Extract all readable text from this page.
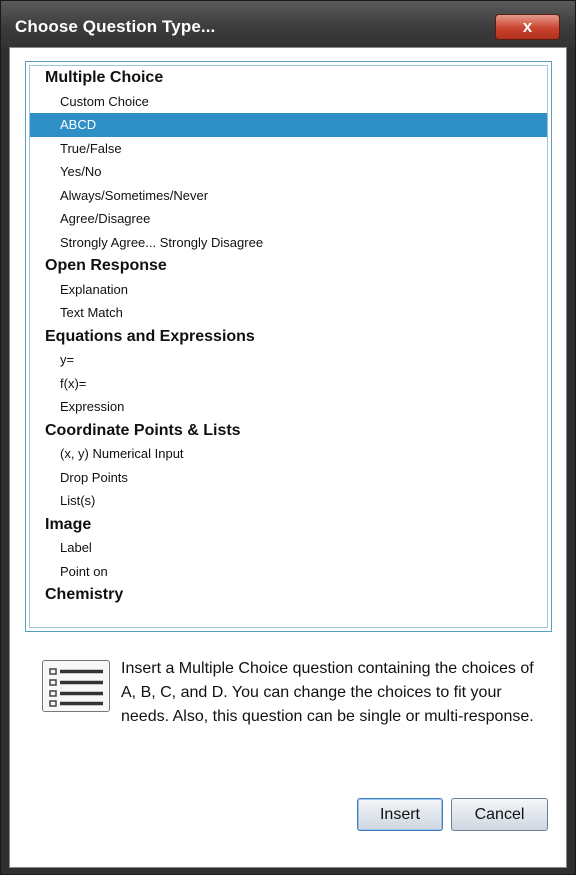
Choose Question Type...	x
Multiple Choice
Custom Choice
ABCD
True/False
Yes/No
Always/Sometimes/Never
Agree/Disagree
Strongly Agree... Strongly Disagree
Open Response
Explanation
Text Match
Equations and Expressions
y=
f(x)=
Expression
Coordinate Points & Lists
(x, y) Numerical Input
Drop Points
List(s)
Image
Label
Point on
Chemistry
Insert a Multiple Choice question containing the choices of A, B, C, and D. You can change the choices to fit your needs. Also, this question can be single or multi-response.
Insert	Cancel
